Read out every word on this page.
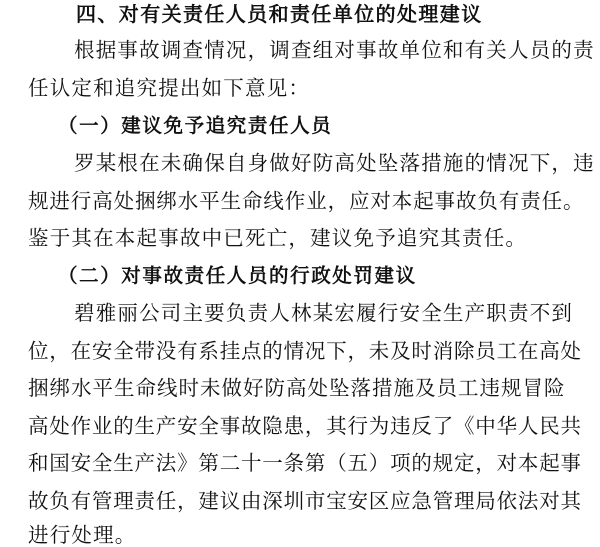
四、对有关责任人员和责任单位的处理建议
根据事故调查情况，调查组对事故单位和有关人员的责
任认定和追究提出如下意见：
（一）建议免予追究责任人员
罗某根在未确保自身做好防高处坠落措施的情况下，违
规进行高处捆绑水平生命线作业，应对本起事故负有责任。
鉴于其在本起事故中已死亡，建议免予追究其责任。
（二）对事故责任人员的行政处罚建议
碧雅丽公司主要负责人林某宏履行安全生产职责不到
位，在安全带没有系挂点的情况下，未及时消除员工在高处
捆绑水平生命线时未做好防高处坠落措施及员工违规冒险
高处作业的生产安全事故隐患，其行为违反了《中华人民共
和国安全生产法》第二十一条第（五）项的规定，对本起事
故负有管理责任，建议由深圳市宝安区应急管理局依法对其
进行处理。
